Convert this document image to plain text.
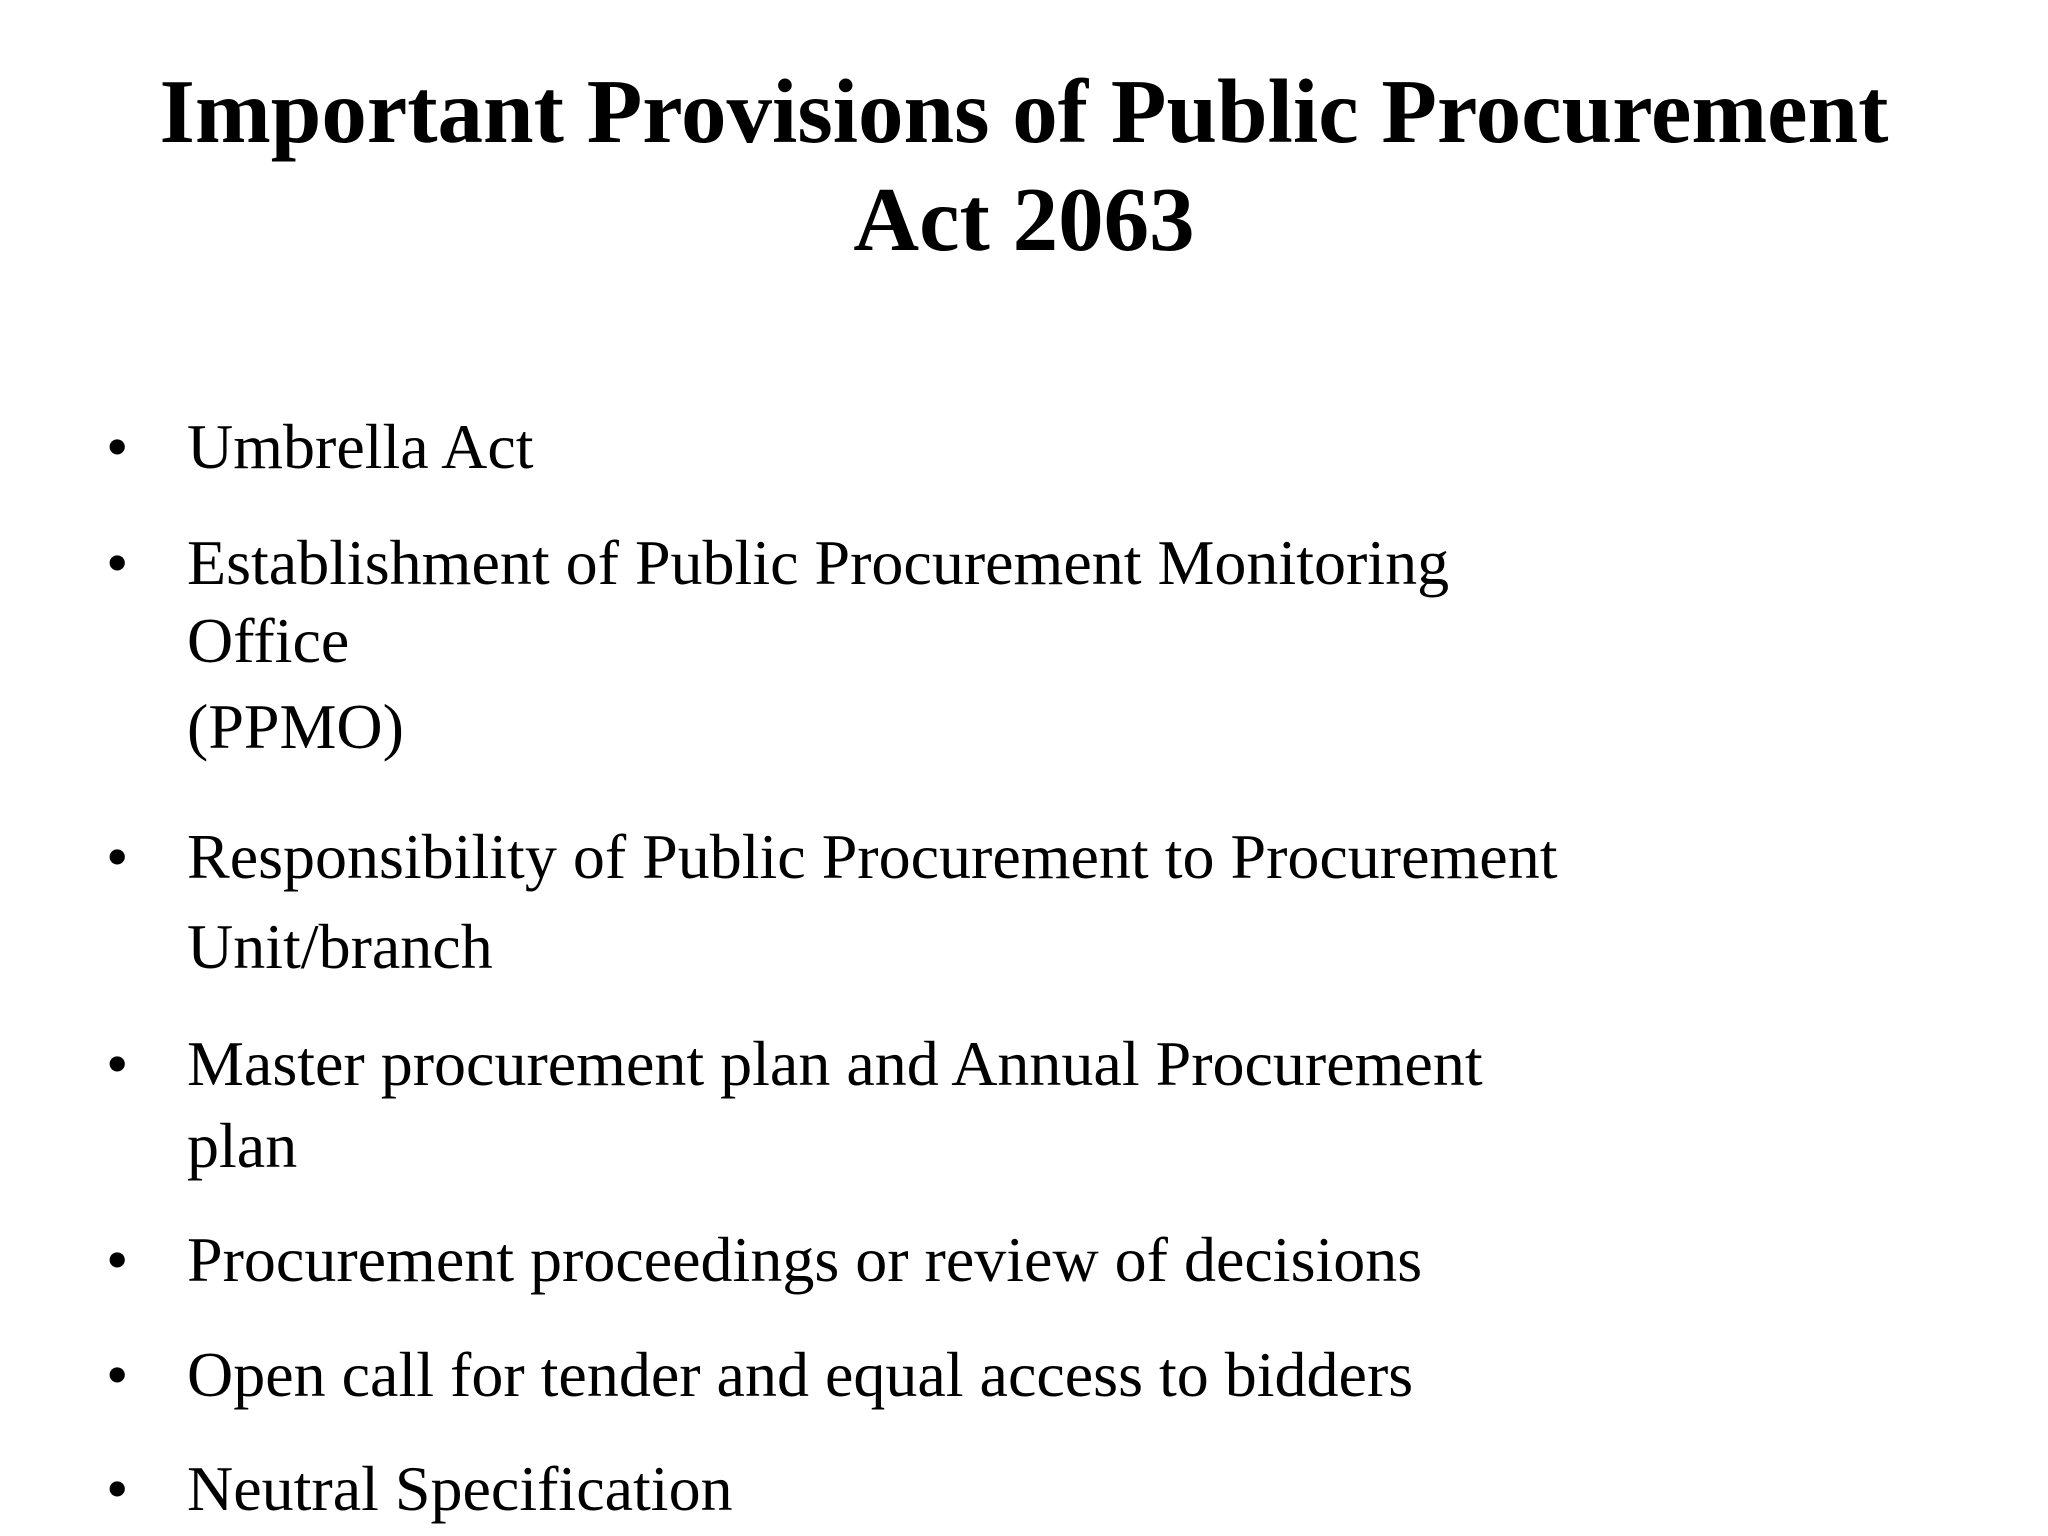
Important Provisions of Public Procurement
Act 2063
• Umbrella Act
• Establishment of Public Procurement Monitoring
Office
(PPMO)
• Responsibility of Public Procurement to Procurement
Unit/branch
• Master procurement plan and Annual Procurement
plan
• Procurement proceedings or review of decisions
• Open call for tender and equal access to bidders
• Neutral Specification
